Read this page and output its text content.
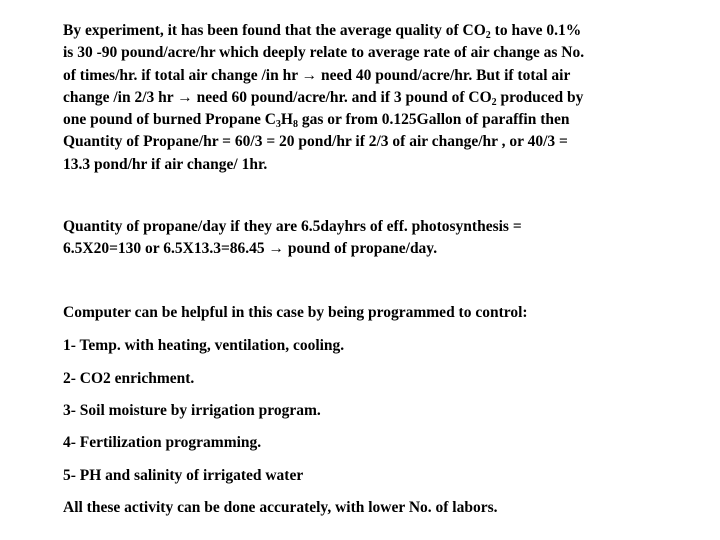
By experiment, it has been found that the average quality of $CO_2$ to have 0.1%
is 30 -90 pound/acre/hr which deeply relate to average rate of air change as No.
of times/hr. if total air change /in hr → need 40 pound/acre/hr. But if total air
change /in 2/3 hr → need 60 pound/acre/hr. and if 3 pound of $CO_2$ produced by
one pound of burned Propane $C_3H_8$ gas or from 0.125Gallon of paraffin then
Quantity of Propane/hr = 60/3 = 20 pond/hr if 2/3 of air change/hr , or 40/3 =
13.3 pond/hr if air change/ 1hr.
Quantity of propane/day if they are 6.5dayhrs of eff. photosynthesis =
6.5X20=130 or 6.5X13.3=86.45 → pound of propane/day.
Computer can be helpful in this case by being programmed to control:
1- Temp. with heating, ventilation, cooling.
2- CO2 enrichment.
3- Soil moisture by irrigation program.
4- Fertilization programming.
5- PH and salinity of irrigated water
All these activity can be done accurately, with lower No. of labors.
